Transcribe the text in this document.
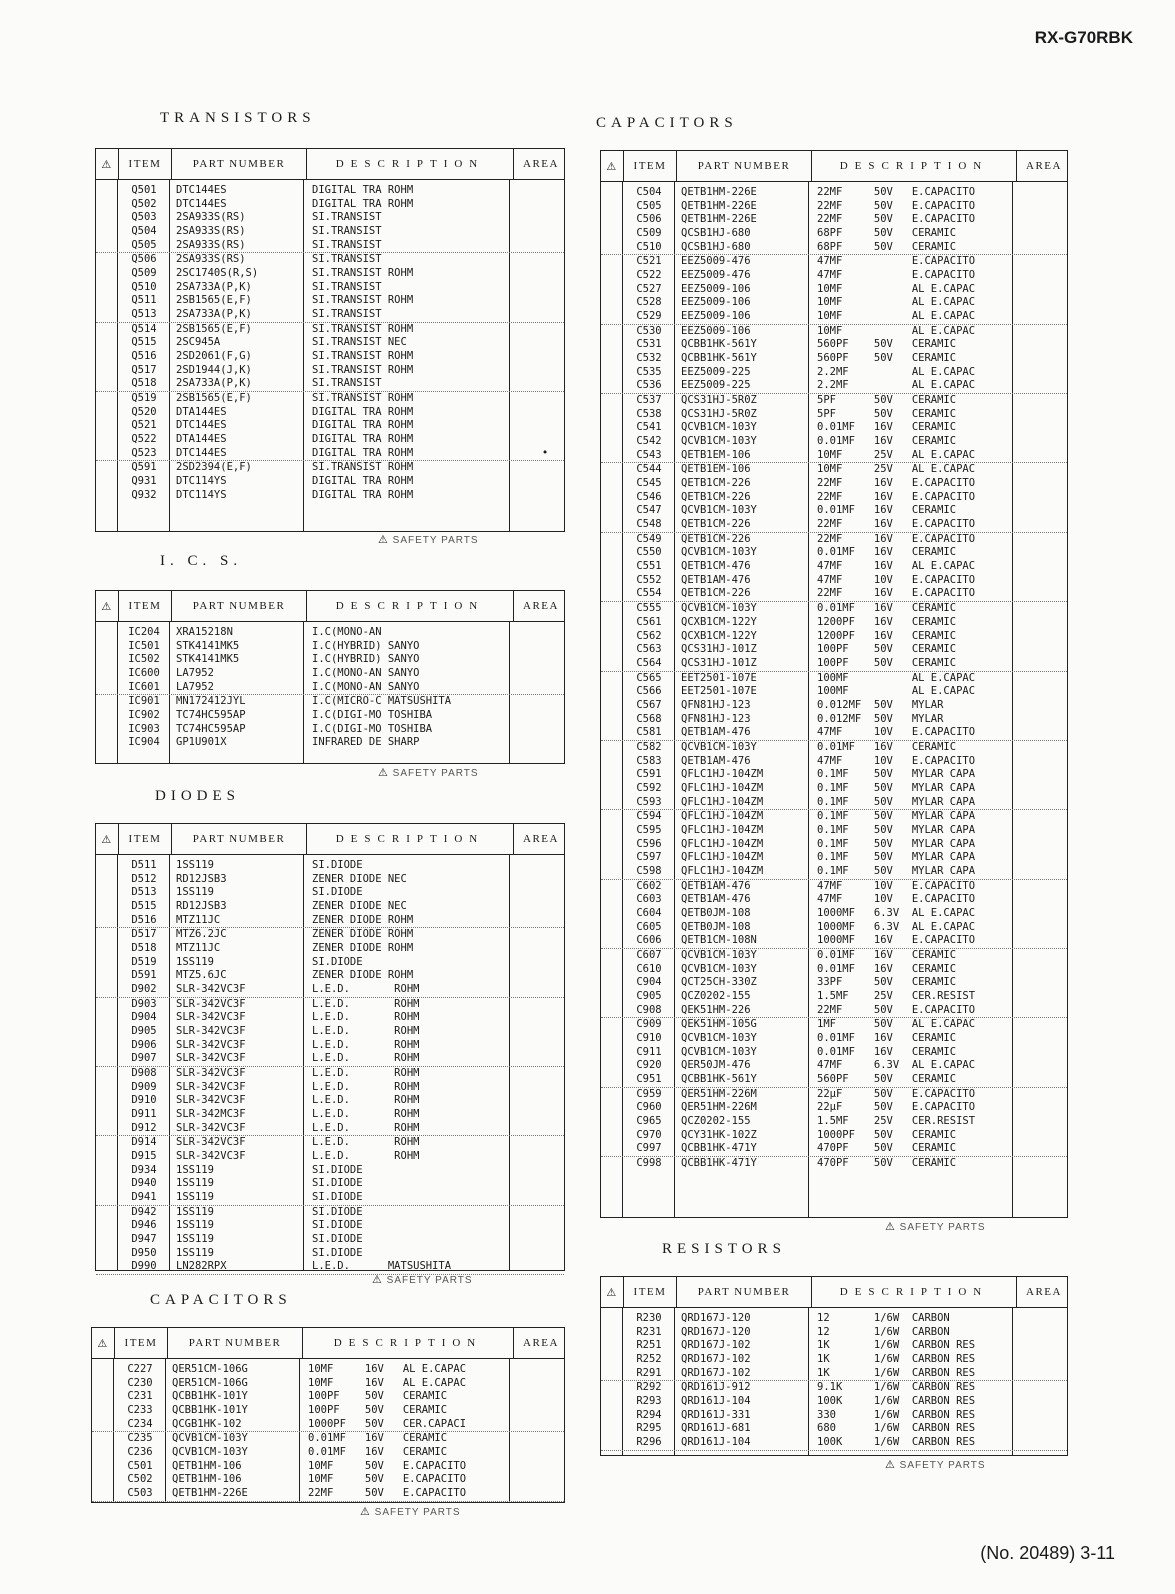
RX-G70RBK
(No. 20489) 3-11
TRANSISTORS
I. C. S.
DIODES
CAPACITORS
CAPACITORS
RESISTORS
⚠	ITEM	PART NUMBER	DESCRIPTION	AREA
Q501	DTC144ES	DIGITAL TRA ROHM
Q502	DTC144ES	DIGITAL TRA ROHM
Q503	2SA933S(RS)	SI.TRANSIST
Q504	2SA933S(RS)	SI.TRANSIST
Q505	2SA933S(RS)	SI.TRANSIST
Q506	2SA933S(RS)	SI.TRANSIST
Q509	2SC1740S(R,S)	SI.TRANSIST ROHM
Q510	2SA733A(P,K)	SI.TRANSIST
Q511	2SB1565(E,F)	SI.TRANSIST ROHM
Q513	2SA733A(P,K)	SI.TRANSIST
Q514	2SB1565(E,F)	SI.TRANSIST ROHM
Q515	2SC945A	SI.TRANSIST NEC
Q516	2SD2061(F,G)	SI.TRANSIST ROHM
Q517	2SD1944(J,K)	SI.TRANSIST ROHM
Q518	2SA733A(P,K)	SI.TRANSIST
Q519	2SB1565(E,F)	SI.TRANSIST ROHM
Q520	DTA144ES	DIGITAL TRA ROHM
Q521	DTC144ES	DIGITAL TRA ROHM
Q522	DTA144ES	DIGITAL TRA ROHM
Q523	DTC144ES	DIGITAL TRA ROHM	•
Q591	2SD2394(E,F)	SI.TRANSIST ROHM
Q931	DTC114YS	DIGITAL TRA ROHM
Q932	DTC114YS	DIGITAL TRA ROHM
⚠	ITEM	PART NUMBER	DESCRIPTION	AREA
IC204	XRA15218N	I.C(MONO-AN
IC501	STK4141MK5	I.C(HYBRID) SANYO
IC502	STK4141MK5	I.C(HYBRID) SANYO
IC600	LA7952	I.C(MONO-AN SANYO
IC601	LA7952	I.C(MONO-AN SANYO
IC901	MN172412JYL	I.C(MICRO-C MATSUSHITA
IC902	TC74HC595AP	I.C(DIGI-MO TOSHIBA
IC903	TC74HC595AP	I.C(DIGI-MO TOSHIBA
IC904	GP1U901X	INFRARED DE SHARP
⚠	ITEM	PART NUMBER	DESCRIPTION	AREA
D511	1SS119	SI.DIODE
D512	RD12JSB3	ZENER DIODE NEC
D513	1SS119	SI.DIODE
D515	RD12JSB3	ZENER DIODE NEC
D516	MTZ11JC	ZENER DIODE ROHM
D517	MTZ6.2JC	ZENER DIODE ROHM
D518	MTZ11JC	ZENER DIODE ROHM
D519	1SS119	SI.DIODE
D591	MTZ5.6JC	ZENER DIODE ROHM
D902	SLR-342VC3F	L.E.D.       ROHM
D903	SLR-342VC3F	L.E.D.       ROHM
D904	SLR-342VC3F	L.E.D.       ROHM
D905	SLR-342VC3F	L.E.D.       ROHM
D906	SLR-342VC3F	L.E.D.       ROHM
D907	SLR-342VC3F	L.E.D.       ROHM
D908	SLR-342VC3F	L.E.D.       ROHM
D909	SLR-342VC3F	L.E.D.       ROHM
D910	SLR-342VC3F	L.E.D.       ROHM
D911	SLR-342MC3F	L.E.D.       ROHM
D912	SLR-342VC3F	L.E.D.       ROHM
D914	SLR-342VC3F	L.E.D.       ROHM
D915	SLR-342VC3F	L.E.D.       ROHM
D934	1SS119	SI.DIODE
D940	1SS119	SI.DIODE
D941	1SS119	SI.DIODE
D942	1SS119	SI.DIODE
D946	1SS119	SI.DIODE
D947	1SS119	SI.DIODE
D950	1SS119	SI.DIODE
D990	LN282RPX	L.E.D.      MATSUSHITA
⚠	ITEM	PART NUMBER	DESCRIPTION	AREA
C227	QER51CM-106G	10MF     16V   AL E.CAPAC
C230	QER51CM-106G	10MF     16V   AL E.CAPAC
C231	QCBB1HK-101Y	100PF    50V   CERAMIC
C233	QCBB1HK-101Y	100PF    50V   CERAMIC
C234	QCGB1HK-102	1000PF   50V   CER.CAPACI
C235	QCVB1CM-103Y	0.01MF   16V   CERAMIC
C236	QCVB1CM-103Y	0.01MF   16V   CERAMIC
C501	QETB1HM-106	10MF     50V   E.CAPACITO
C502	QETB1HM-106	10MF     50V   E.CAPACITO
C503	QETB1HM-226E	22MF     50V   E.CAPACITO
⚠	ITEM	PART NUMBER	DESCRIPTION	AREA
C504	QETB1HM-226E	22MF     50V   E.CAPACITO
C505	QETB1HM-226E	22MF     50V   E.CAPACITO
C506	QETB1HM-226E	22MF     50V   E.CAPACITO
C509	QCSB1HJ-680	68PF     50V   CERAMIC
C510	QCSB1HJ-680	68PF     50V   CERAMIC
C521	EEZ5009-476	47MF           E.CAPACITO
C522	EEZ5009-476	47MF           E.CAPACITO
C527	EEZ5009-106	10MF           AL E.CAPAC
C528	EEZ5009-106	10MF           AL E.CAPAC
C529	EEZ5009-106	10MF           AL E.CAPAC
C530	EEZ5009-106	10MF           AL E.CAPAC
C531	QCBB1HK-561Y	560PF    50V   CERAMIC
C532	QCBB1HK-561Y	560PF    50V   CERAMIC
C535	EEZ5009-225	2.2MF          AL E.CAPAC
C536	EEZ5009-225	2.2MF          AL E.CAPAC
C537	QCS31HJ-5R0Z	5PF      50V   CERAMIC
C538	QCS31HJ-5R0Z	5PF      50V   CERAMIC
C541	QCVB1CM-103Y	0.01MF   16V   CERAMIC
C542	QCVB1CM-103Y	0.01MF   16V   CERAMIC
C543	QETB1EM-106	10MF     25V   AL E.CAPAC
C544	QETB1EM-106	10MF     25V   AL E.CAPAC
C545	QETB1CM-226	22MF     16V   E.CAPACITO
C546	QETB1CM-226	22MF     16V   E.CAPACITO
C547	QCVB1CM-103Y	0.01MF   16V   CERAMIC
C548	QETB1CM-226	22MF     16V   E.CAPACITO
C549	QETB1CM-226	22MF     16V   E.CAPACITO
C550	QCVB1CM-103Y	0.01MF   16V   CERAMIC
C551	QETB1CM-476	47MF     16V   AL E.CAPAC
C552	QETB1AM-476	47MF     10V   E.CAPACITO
C554	QETB1CM-226	22MF     16V   E.CAPACITO
C555	QCVB1CM-103Y	0.01MF   16V   CERAMIC
C561	QCXB1CM-122Y	1200PF   16V   CERAMIC
C562	QCXB1CM-122Y	1200PF   16V   CERAMIC
C563	QCS31HJ-101Z	100PF    50V   CERAMIC
C564	QCS31HJ-101Z	100PF    50V   CERAMIC
C565	EET2501-107E	100MF          AL E.CAPAC
C566	EET2501-107E	100MF          AL E.CAPAC
C567	QFN81HJ-123	0.012MF  50V   MYLAR
C568	QFN81HJ-123	0.012MF  50V   MYLAR
C581	QETB1AM-476	47MF     10V   E.CAPACITO
C582	QCVB1CM-103Y	0.01MF   16V   CERAMIC
C583	QETB1AM-476	47MF     10V   E.CAPACITO
C591	QFLC1HJ-104ZM	0.1MF    50V   MYLAR CAPA
C592	QFLC1HJ-104ZM	0.1MF    50V   MYLAR CAPA
C593	QFLC1HJ-104ZM	0.1MF    50V   MYLAR CAPA
C594	QFLC1HJ-104ZM	0.1MF    50V   MYLAR CAPA
C595	QFLC1HJ-104ZM	0.1MF    50V   MYLAR CAPA
C596	QFLC1HJ-104ZM	0.1MF    50V   MYLAR CAPA
C597	QFLC1HJ-104ZM	0.1MF    50V   MYLAR CAPA
C598	QFLC1HJ-104ZM	0.1MF    50V   MYLAR CAPA
C602	QETB1AM-476	47MF     10V   E.CAPACITO
C603	QETB1AM-476	47MF     10V   E.CAPACITO
C604	QETB0JM-108	1000MF   6.3V  AL E.CAPAC
C605	QETB0JM-108	1000MF   6.3V  AL E.CAPAC
C606	QETB1CM-108N	1000MF   16V   E.CAPACITO
C607	QCVB1CM-103Y	0.01MF   16V   CERAMIC
C610	QCVB1CM-103Y	0.01MF   16V   CERAMIC
C904	QCT25CH-330Z	33PF     50V   CERAMIC
C905	QCZ0202-155	1.5MF    25V   CER.RESIST
C908	QEK51HM-226	22MF     50V   E.CAPACITO
C909	QEK51HM-105G	1MF      50V   AL E.CAPAC
C910	QCVB1CM-103Y	0.01MF   16V   CERAMIC
C911	QCVB1CM-103Y	0.01MF   16V   CERAMIC
C920	QER50JM-476	47MF     6.3V  AL E.CAPAC
C951	QCBB1HK-561Y	560PF    50V   CERAMIC
C959	QER51HM-226M	22μF     50V   E.CAPACITO
C960	QER51HM-226M	22μF     50V   E.CAPACITO
C965	QCZ0202-155	1.5MF    25V   CER.RESIST
C970	QCY31HK-102Z	1000PF   50V   CERAMIC
C997	QCBB1HK-471Y	470PF    50V   CERAMIC
C998	QCBB1HK-471Y	470PF    50V   CERAMIC
⚠	ITEM	PART NUMBER	DESCRIPTION	AREA
R230	QRD167J-120	12       1/6W  CARBON
R231	QRD167J-120	12       1/6W  CARBON
R251	QRD167J-102	1K       1/6W  CARBON RES
R252	QRD167J-102	1K       1/6W  CARBON RES
R291	QRD167J-102	1K       1/6W  CARBON RES
R292	QRD161J-912	9.1K     1/6W  CARBON RES
R293	QRD161J-104	100K     1/6W  CARBON RES
R294	QRD161J-331	330      1/6W  CARBON RES
R295	QRD161J-681	680      1/6W  CARBON RES
R296	QRD161J-104	100K     1/6W  CARBON RES
⚠ SAFETY PARTS
⚠ SAFETY PARTS
⚠ SAFETY PARTS
⚠ SAFETY PARTS
⚠ SAFETY PARTS
⚠ SAFETY PARTS
